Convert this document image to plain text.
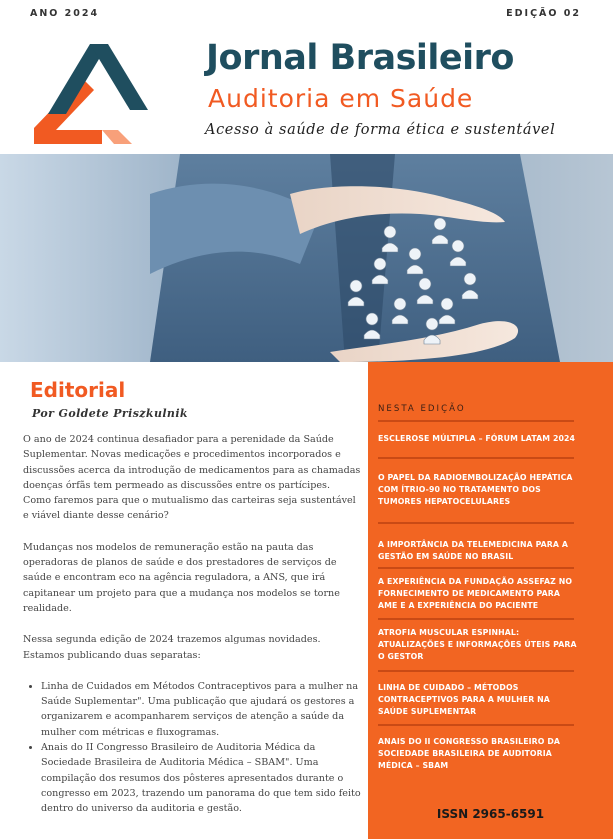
ANO 2024	EDIÇÃO 02
Jornal Brasileiro
Auditoria em Saúde
Acesso à saúde de forma ética e sustentável
Editorial
Por Goldete Priszkulnik

O ano de 2024 continua desafiador para a perenidade da Saúde Suplementar. Novas medicações e procedimentos incorporados e discussões acerca da introdução de medicamentos para as chamadas doenças órfãs tem permeado as discussões entre os partícipes. Como faremos para que o mutualismo das carteiras seja sustentável e viável diante desse cenário?

Mudanças nos modelos de remuneração estão na pauta das operadoras de planos de saúde e dos prestadores de serviços de saúde e encontram eco na agência reguladora, a ANS, que irá capitanear um projeto para que a mudança nos modelos se torne realidade.

Nessa segunda edição de 2024 trazemos algumas novidades. Estamos publicando duas separatas:

• Linha de Cuidados em Métodos Contraceptivos para a mulher na Saúde Suplementar". Uma publicação que ajudará os gestores a organizarem e acompanharem serviços de atenção a saúde da mulher com métricas e fluxogramas.
• Anais do II Congresso Brasileiro de Auditoria Médica da Sociedade Brasileira de Auditoria Médica – SBAM". Uma compilação dos resumos dos pôsteres apresentados durante o congresso em 2023, trazendo um panorama do que tem sido feito dentro do universo da auditoria e gestão.
NESTA EDIÇÃO
ESCLEROSE MÚLTIPLA – FÓRUM LATAM 2024
O PAPEL DA RADIOEMBOLIZAÇÃO HEPÁTICA COM ÍTRIO-90 NO TRATAMENTO DOS TUMORES HEPATOCELULARES
A IMPORTÂNCIA DA TELEMEDICINA PARA A GESTÃO EM SAÚDE NO BRASIL
A EXPERIÊNCIA DA FUNDAÇÃO ASSEFAZ NO FORNECIMENTO DE MEDICAMENTO PARA AME E A EXPERIÊNCIA DO PACIENTE
ATROFIA MUSCULAR ESPINHAL: ATUALIZAÇÕES E INFORMAÇÕES ÚTEIS PARA O GESTOR
LINHA DE CUIDADO – MÉTODOS CONTRACEPTIVOS PARA A MULHER NA SAÚDE SUPLEMENTAR
ANAIS DO II CONGRESSO BRASILEIRO DA SOCIEDADE BRASILEIRA DE AUDITORIA MÉDICA – SBAM
ISSN 2965-6591
